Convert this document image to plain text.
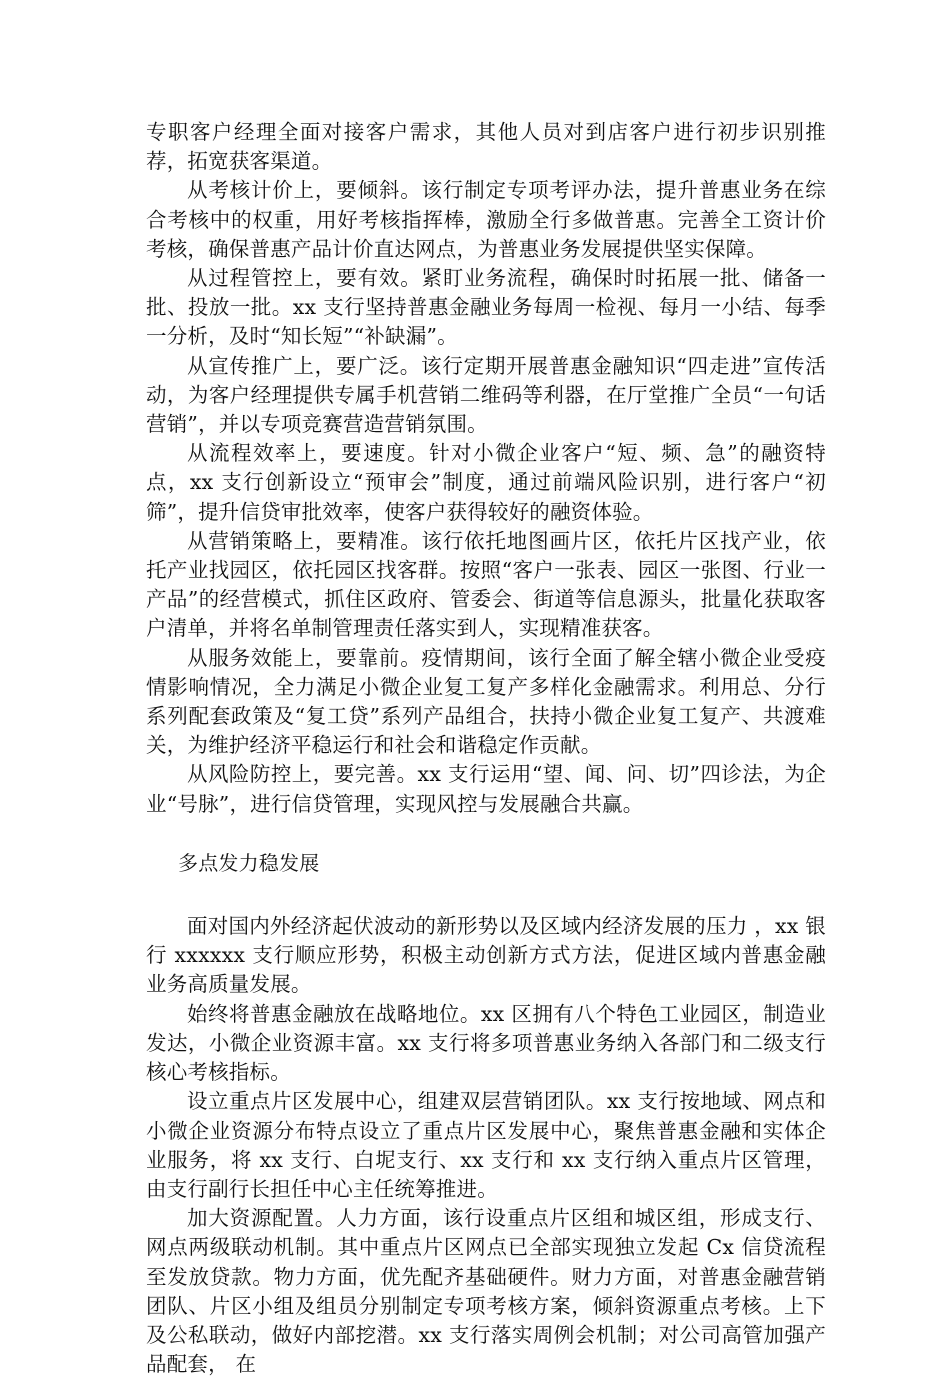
专职客户经理全面对接客户需求，其他人员对到店客户进行初步识别推荐，拓宽获客渠道。

从考核计价上，要倾斜。该行制定专项考评办法，提升普惠业务在综合考核中的权重，用好考核指挥棒，激励全行多做普惠。完善全工资计价考核，确保普惠产品计价直达网点，为普惠业务发展提供坚实保障。

从过程管控上，要有效。紧盯业务流程，确保时时拓展一批、储备一批、投放一批。xx 支行坚持普惠金融业务每周一检视、每月一小结、每季一分析，及时“知长短”“补缺漏”。

从宣传推广上，要广泛。该行定期开展普惠金融知识“四走进”宣传活动，为客户经理提供专属手机营销二维码等利器，在厅堂推广全员“一句话营销”，并以专项竞赛营造营销氛围。

从流程效率上，要速度。针对小微企业客户“短、频、急”的融资特点，xx 支行创新设立“预审会”制度，通过前端风险识别，进行客户“初筛”，提升信贷审批效率，使客户获得较好的融资体验。

从营销策略上，要精准。该行依托地图画片区，依托片区找产业，依托产业找园区，依托园区找客群。按照“客户一张表、园区一张图、行业一产品”的经营模式，抓住区政府、管委会、街道等信息源头，批量化获取客户清单，并将名单制管理责任落实到人，实现精准获客。

从服务效能上，要靠前。疫情期间，该行全面了解全辖小微企业受疫情影响情况，全力满足小微企业复工复产多样化金融需求。利用总、分行系列配套政策及“复工贷”系列产品组合，扶持小微企业复工复产、共渡难关，为维护经济平稳运行和社会和谐稳定作贡献。

从风险防控上，要完善。xx 支行运用“望、闻、问、切”四诊法，为企业“号脉”，进行信贷管理，实现风控与发展融合共赢。

多点发力稳发展

面对国内外经济起伏波动的新形势以及区域内经济发展的压力 ，xx 银行 xxxxxx 支行顺应形势，积极主动创新方式方法，促进区域内普惠金融业务高质量发展。

始终将普惠金融放在战略地位。xx 区拥有八个特色工业园区，制造业发达，小微企业资源丰富。xx 支行将多项普惠业务纳入各部门和二级支行核心考核指标。

设立重点片区发展中心，组建双层营销团队。xx 支行按地域、网点和小微企业资源分布特点设立了重点片区发展中心，聚焦普惠金融和实体企业服务，将 xx 支行、白坭支行、xx 支行和 xx 支行纳入重点片区管理，由支行副行长担任中心主任统筹推进。

加大资源配置。人力方面，该行设重点片区组和城区组，形成支行、网点两级联动机制。其中重点片区网点已全部实现独立发起 Cx 信贷流程至发放贷款。物力方面，优先配齐基础硬件。财力方面，对普惠金融营销团队、片区小组及组员分别制定专项考核方案，倾斜资源重点考核。上下及公私联动，做好内部挖潜。xx 支行落实周例会机制；对公司高管加强产品配套， 在
